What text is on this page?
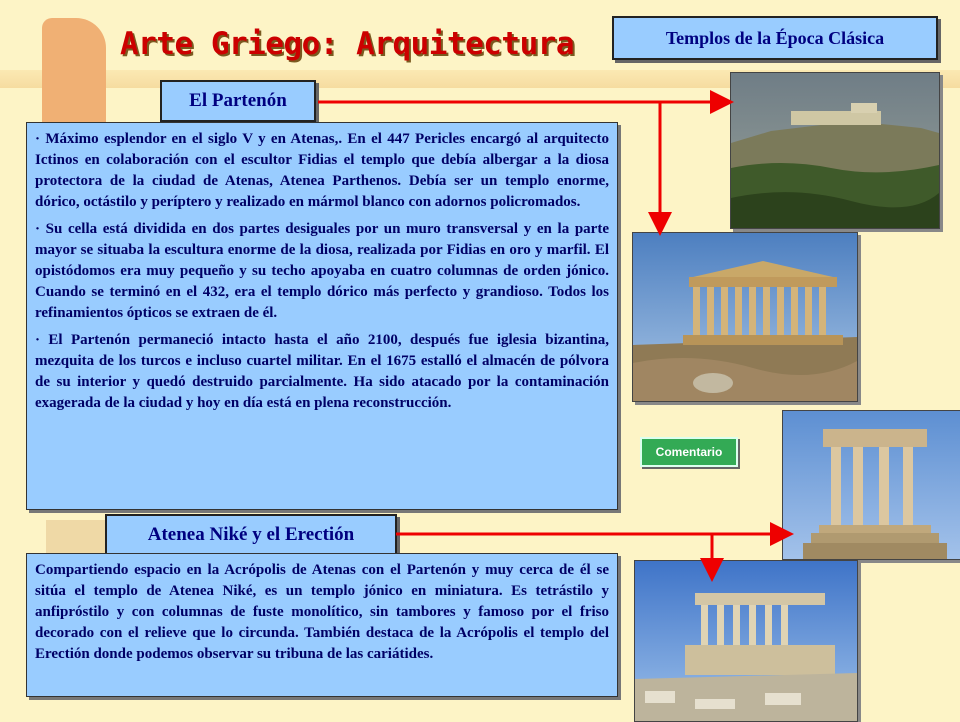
Arte Griego: Arquitectura	Templos de la Época Clásica
El Partenón

· Máximo esplendor en el siglo V y en Atenas,. En el 447 Pericles encargó al arquitecto Ictinos en colaboración con el escultor Fidias el templo que debía albergar a la diosa protectora de la ciudad de Atenas, Atenea Parthenos. Debía ser un templo enorme, dórico, octástilo y períptero y realizado en mármol blanco con adornos policromados.

· Su cella está dividida en dos partes desiguales por un muro transversal y en la parte mayor se situaba la escultura enorme de la diosa, realizada por Fidias en oro y marfil. El opistódomos era muy pequeño y su techo apoyaba en cuatro columnas de orden jónico. Cuando se terminó en el 432, era el templo dórico más perfecto y grandioso. Todos los refinamientos ópticos se extraen de él.

· El Partenón permaneció intacto hasta el año 2100, después fue iglesia bizantina, mezquita de los turcos e incluso cuartel militar. En el 1675 estalló el almacén de pólvora de su interior y quedó destruido parcialmente. Ha sido atacado por la contaminación exagerada de la ciudad y hoy en día está en plena reconstrucción.

Atenea Niké y el Erectión

Compartiendo espacio en la Acrópolis de Atenas con el Partenón y muy cerca de él se sitúa el templo de Atenea Niké, es un templo jónico en miniatura. Es tetrástilo y anfipróstilo y con columnas de fuste monolítico, sin tambores y famoso por el friso decorado con el relieve que lo circunda. También destaca de la Acrópolis el templo del Erectión donde podemos observar su tribuna de las cariátides.

Comentario
